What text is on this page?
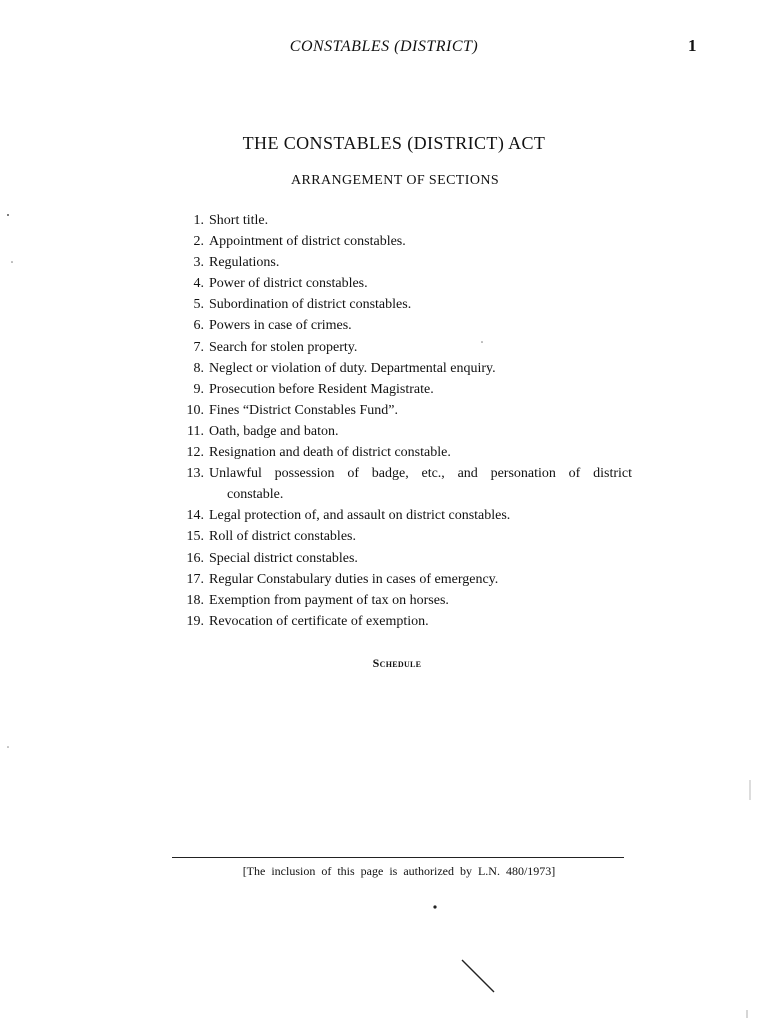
CONSTABLES (DISTRICT)	1
THE CONSTABLES (DISTRICT) ACT
ARRANGEMENT OF SECTIONS
1. Short title.
2. Appointment of district constables.
3. Regulations.
4. Power of district constables.
5. Subordination of district constables.
6. Powers in case of crimes.
7. Search for stolen property.
8. Neglect or violation of duty. Departmental enquiry.
9. Prosecution before Resident Magistrate.
10. Fines “District Constables Fund”.
11. Oath, badge and baton.
12. Resignation and death of district constable.
13. Unlawful possession of badge, etc., and personation of district
constable.
14. Legal protection of, and assault on district constables.
15. Roll of district constables.
16. Special district constables.
17. Regular Constabulary duties in cases of emergency.
18. Exemption from payment of tax on horses.
19. Revocation of certificate of exemption.
Schedule
[The inclusion of this page is authorized by L.N. 480/1973]
